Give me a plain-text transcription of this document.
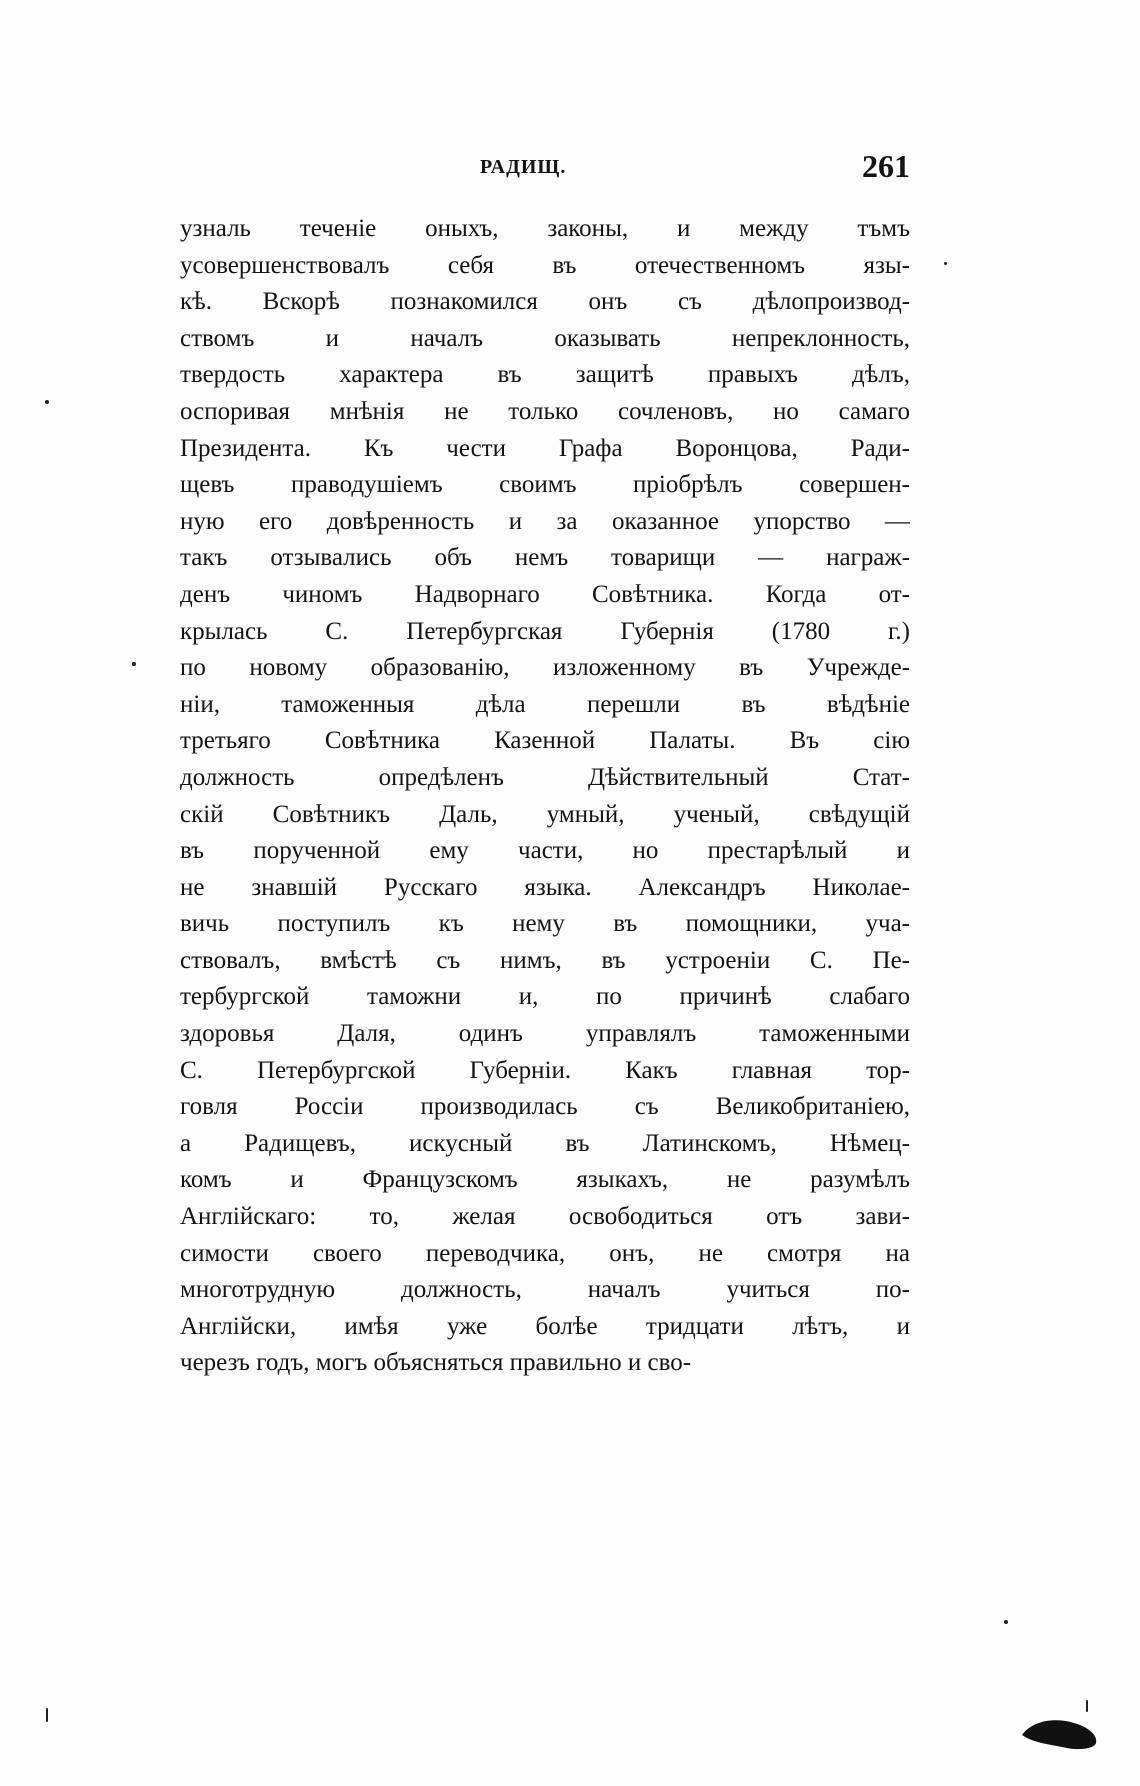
РАДИЩ.	261
узналь теченіе оныхъ, законы, и между тъмъ
усовершенствовалъ себя въ отечественномъ язы-
кѣ. Вскорѣ познакомился онъ съ дѣлопроизвод-
ствомъ и началъ оказывать непреклонность,
твердость характера въ защитѣ правыхъ дѣлъ,
оспоривая мнѣнія не только сочленовъ, но самаго
Президента. Къ чести Графа Воронцова, Ради-
щевъ праводушіемъ своимъ пріобрѣлъ совершен-
ную его довѣренность и за оказанное упорство —
такъ отзывались объ немъ товарищи — награж-
денъ чиномъ Надворнаго Совѣтника. Когда от-
крылась С. Петербургская Губернія (1780 г.)
по новому образованію, изложенному въ Учрежде-
ніи, таможенныя дѣла перешли въ вѣдѣніе
третьяго Совѣтника Казенной Палаты. Въ сію
должность опредѣленъ Дѣйствительный Стат-
скій Совѣтникъ Даль, умный, ученый, свѣдущій
въ порученной ему части, но престарѣлый и
не знавшій Русскаго языка. Александръ Николае-
вичь поступилъ къ нему въ помощники, уча-
ствовалъ, вмѣстѣ съ нимъ, въ устроеніи С. Пе-
тербургской таможни и, по причинѣ слабаго
здоровья Даля, одинъ управлялъ таможенными
С. Петербургской Губерніи. Какъ главная тор-
говля Россіи производилась съ Великобританіею,
а Радищевъ, искусный въ Латинскомъ, Нѣмец-
комъ и Французскомъ языкахъ, не разумѣлъ
Англійскаго: то, желая освободиться отъ зави-
симости своего переводчика, онъ, не смотря на
многотрудную должность, началъ учиться по-
Англійски, имѣя уже болѣе тридцати лѣтъ, и
черезъ годъ, могъ объясняться правильно и сво-
